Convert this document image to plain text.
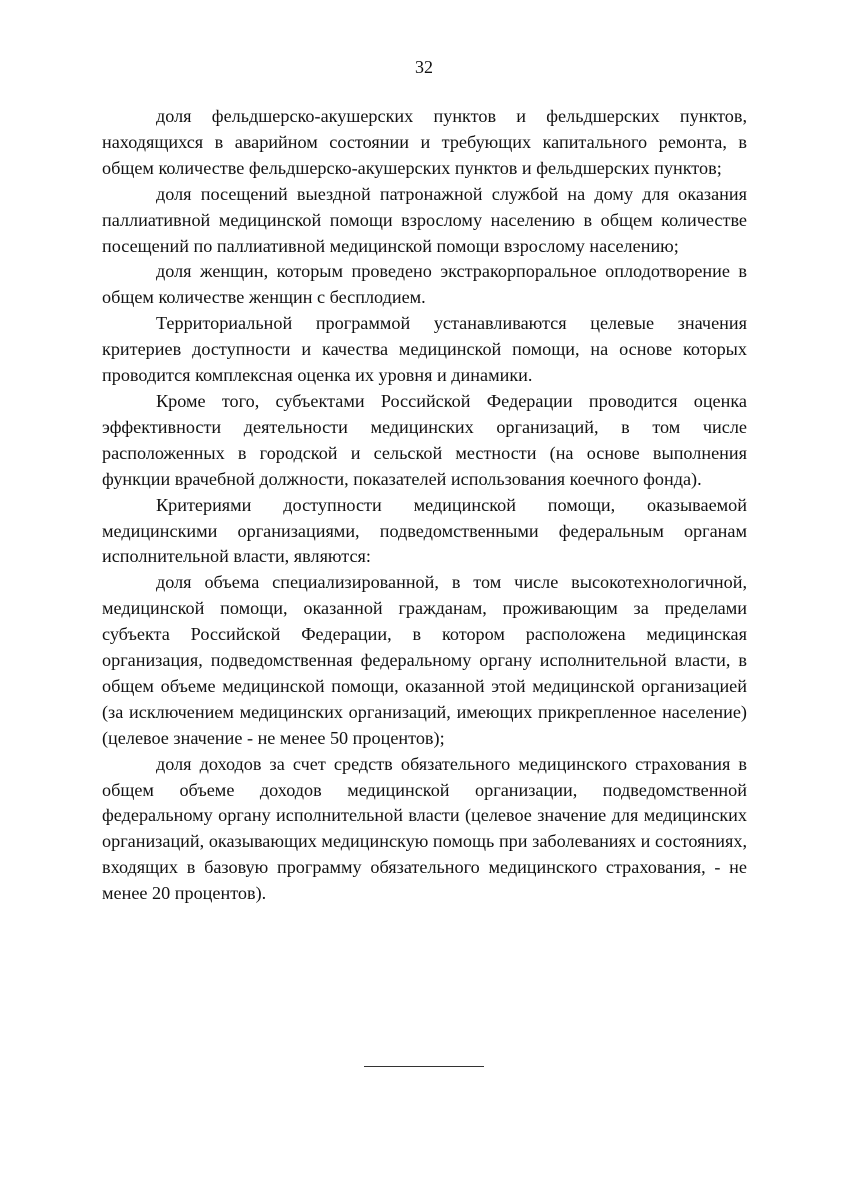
32

доля фельдшерско-акушерских пунктов и фельдшерских пунктов, находящихся в аварийном состоянии и требующих капитального ремонта, в общем количестве фельдшерско-акушерских пунктов и фельдшерских пунктов;

доля посещений выездной патронажной службой на дому для оказания паллиативной медицинской помощи взрослому населению в общем количестве посещений по паллиативной медицинской помощи взрослому населению;

доля женщин, которым проведено экстракорпоральное оплодотворение в общем количестве женщин с бесплодием.

Территориальной программой устанавливаются целевые значения критериев доступности и качества медицинской помощи, на основе которых проводится комплексная оценка их уровня и динамики.

Кроме того, субъектами Российской Федерации проводится оценка эффективности деятельности медицинских организаций, в том числе расположенных в городской и сельской местности (на основе выполнения функции врачебной должности, показателей использования коечного фонда).

Критериями доступности медицинской помощи, оказываемой медицинскими организациями, подведомственными федеральным органам исполнительной власти, являются:

доля объема специализированной, в том числе высокотехнологичной, медицинской помощи, оказанной гражданам, проживающим за пределами субъекта Российской Федерации, в котором расположена медицинская организация, подведомственная федеральному органу исполнительной власти, в общем объеме медицинской помощи, оказанной этой медицинской организацией (за исключением медицинских организаций, имеющих прикрепленное население) (целевое значение - не менее 50 процентов);

доля доходов за счет средств обязательного медицинского страхования в общем объеме доходов медицинской организации, подведомственной федеральному органу исполнительной власти (целевое значение для медицинских организаций, оказывающих медицинскую помощь при заболеваниях и состояниях, входящих в базовую программу обязательного медицинского страхования, - не менее 20 процентов).
